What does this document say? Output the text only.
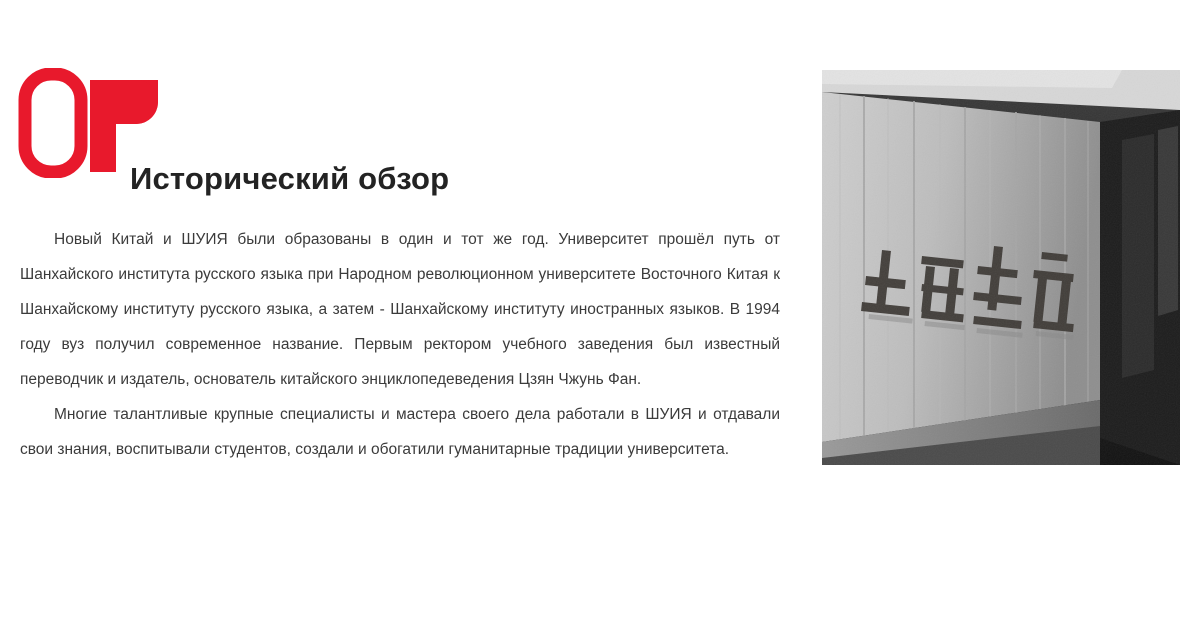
Исторический обзор

Новый Китай и ШУИЯ были образованы в один и тот же год. Университет прошёл путь от Шанхайского института русского языка при Народном революционном университете Восточного Китая к Шанхайскому институту русского языка, а затем - Шанхайскому институту иностранных языков. В 1994 году вуз получил современное название. Первым ректором учебного заведения был известный переводчик и издатель, основатель китайского энциклопедеведения Цзян Чжунь Фан.

Многие талантливые крупные специалисты и мастера своего дела работали в ШУИЯ и отдавали свои знания, воспитывали студентов, создали и обогатили гуманитарные традиции университета.
